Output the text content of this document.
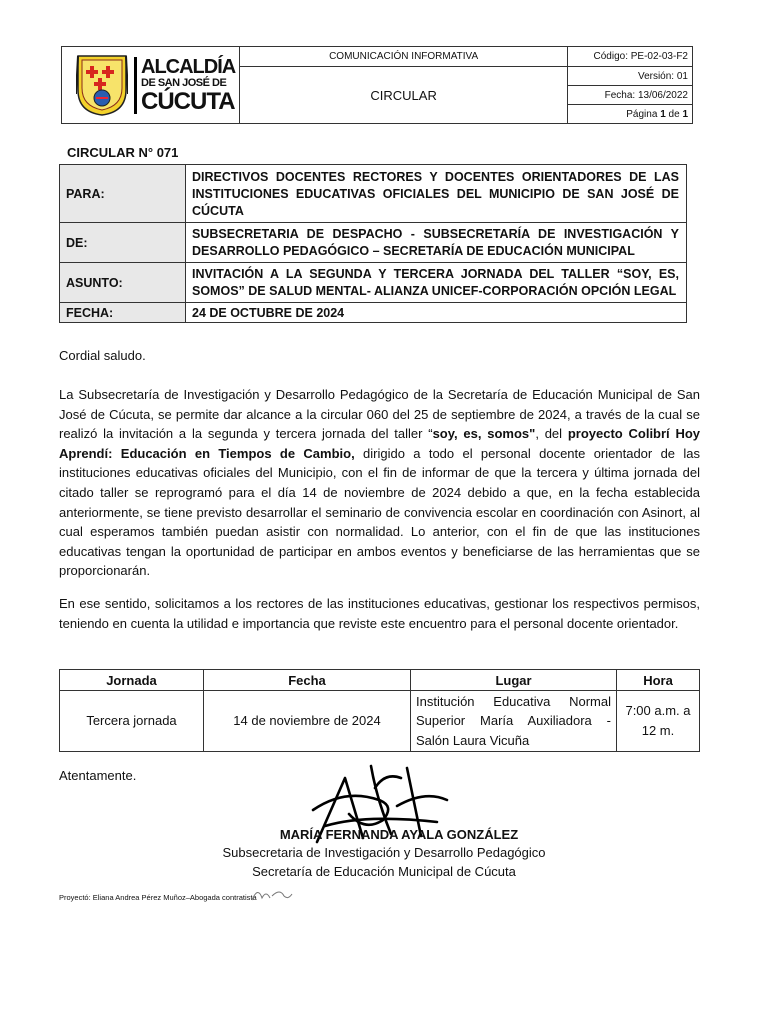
ALCALDÍA
DE SAN JOSÉ DE
CÚCUTA	COMUNICACIÓN INFORMATIVA	Código: PE-02-03-F2
	CIRCULAR	Versión: 01
		Fecha: 13/06/2022
		Página 1 de 1
CIRCULAR N° 071
PARA:	DIRECTIVOS DOCENTES RECTORES Y DOCENTES ORIENTADORES DE LAS INSTITUCIONES EDUCATIVAS OFICIALES DEL MUNICIPIO DE SAN JOSÉ DE CÚCUTA
DE:	SUBSECRETARIA DE DESPACHO - SUBSECRETARÍA DE INVESTIGACIÓN Y DESARROLLO PEDAGÓGICO – SECRETARÍA DE EDUCACIÓN MUNICIPAL
ASUNTO:	INVITACIÓN A LA SEGUNDA Y TERCERA JORNADA DEL TALLER “SOY, ES, SOMOS” DE SALUD MENTAL- ALIANZA UNICEF-CORPORACIÓN OPCIÓN LEGAL
FECHA:	24 DE OCTUBRE DE 2024
Cordial saludo.
La Subsecretaría de Investigación y Desarrollo Pedagógico de la Secretaría de Educación Municipal de San José de Cúcuta, se permite dar alcance a la circular 060 del 25 de septiembre de 2024, a través de la cual se realizó la invitación a la segunda y tercera jornada del taller “soy, es, somos", del proyecto Colibrí Hoy Aprendí: Educación en Tiempos de Cambio, dirigido a todo el personal docente orientador de las instituciones educativas oficiales del Municipio, con el fin de informar de que la tercera y última jornada del citado taller se reprogramó para el día 14 de noviembre de 2024 debido a que, en la fecha establecida anteriormente, se tiene previsto desarrollar el seminario de convivencia escolar en coordinación con Asinort, al cual esperamos también puedan asistir con normalidad. Lo anterior, con el fin de que las instituciones educativas tengan la oportunidad de participar en ambos eventos y beneficiarse de las herramientas que se proporcionarán.
En ese sentido, solicitamos a los rectores de las instituciones educativas, gestionar los respectivos permisos, teniendo en cuenta la utilidad e importancia que reviste este encuentro para el personal docente orientador.
Jornada	Fecha	Lugar	Hora
Tercera jornada	14 de noviembre de 2024	Institución Educativa Normal Superior María Auxiliadora - Salón Laura Vicuña	7:00 a.m. a 12 m.
Atentamente.
MARÍA FERNANDA AYALA GONZÁLEZ
Subsecretaria de Investigación y Desarrollo Pedagógico
Secretaría de Educación Municipal de Cúcuta
Proyectó: Eliana Andrea Pérez Muñoz–Abogada contratista
